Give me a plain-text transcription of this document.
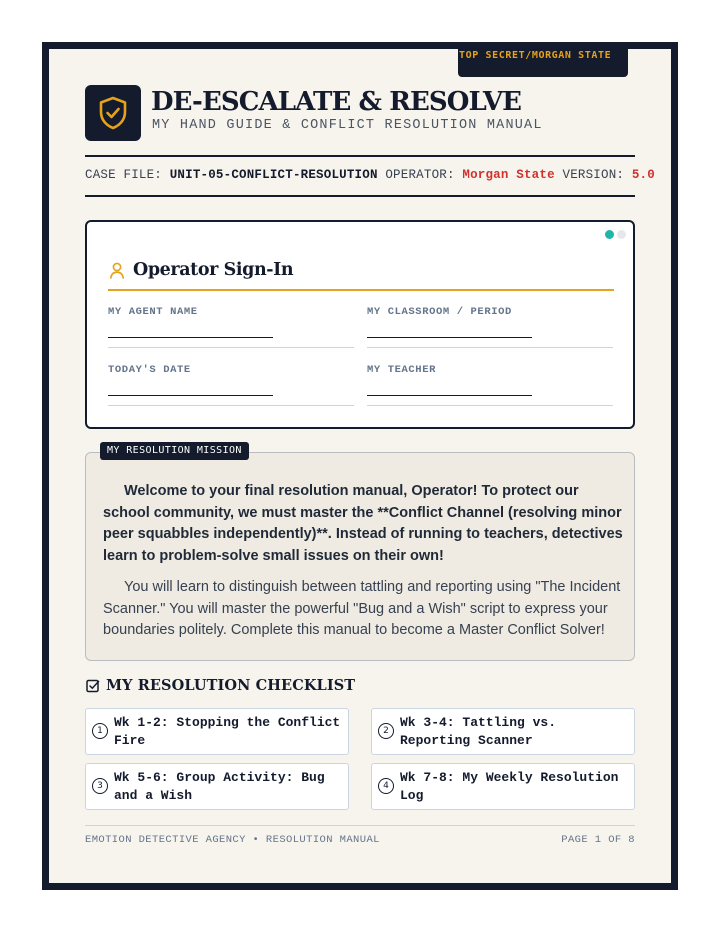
TOP SECRET/MORGAN STATE
DE-ESCALATE & RESOLVE
MY HAND GUIDE & CONFLICT RESOLUTION MANUAL
CASE FILE: UNIT-05-CONFLICT-RESOLUTION OPERATOR: Morgan State VERSION: 5.0
Operator Sign-In
MY AGENT NAME	MY CLASSROOM / PERIOD
TODAY'S DATE	MY TEACHER
MY RESOLUTION MISSION

Welcome to your final resolution manual, Operator! To protect our school community, we must master the **Conflict Channel (resolving minor peer squabbles independently)**. Instead of running to teachers, detectives learn to problem-solve small issues on their own!

You will learn to distinguish between tattling and reporting using "The Incident Scanner." You will master the powerful "Bug and a Wish" script to express your boundaries politely. Complete this manual to become a Master Conflict Solver!

MY RESOLUTION CHECKLIST
1
Wk 1-2: Stopping the Conflict Fire
2
Wk 3-4: Tattling vs. Reporting Scanner
3
Wk 5-6: Group Activity: Bug and a Wish
4
Wk 7-8: My Weekly Resolution Log
EMOTION DETECTIVE AGENCY • RESOLUTION MANUAL	PAGE 1 OF 8
